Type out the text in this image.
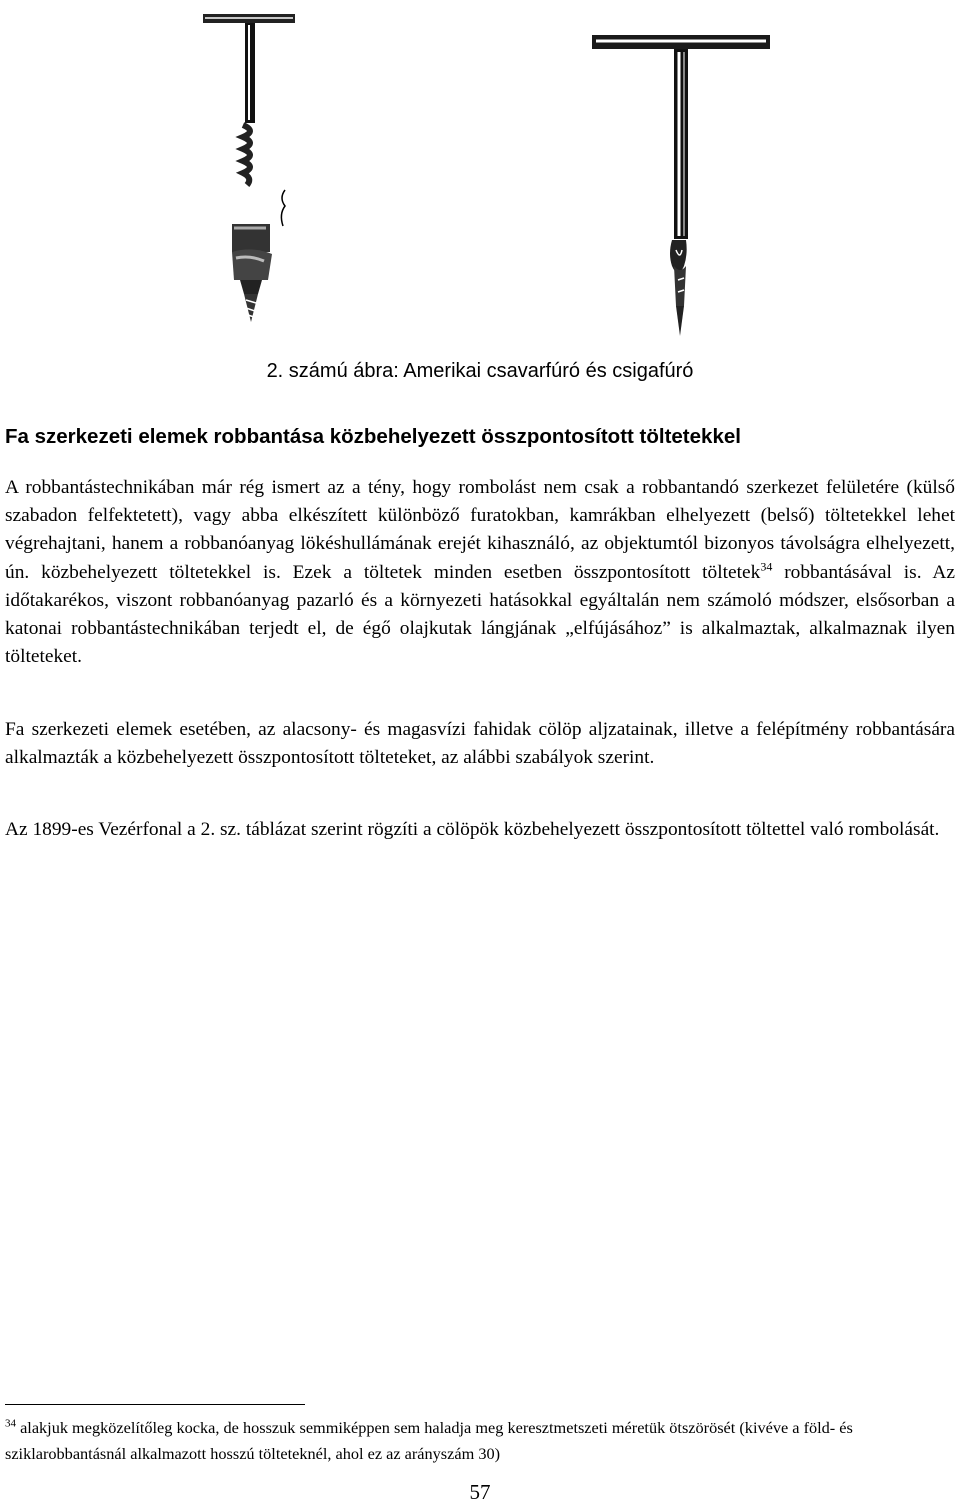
2. számú ábra: Amerikai csavarfúró és csigafúró
Fa szerkezeti elemek robbantása közbehelyezett összpontosított töltetekkel

A robbantástechnikában már rég ismert az a tény, hogy rombolást nem csak a robbantandó szerkezet felületére (külső szabadon felfektetett), vagy abba elkészített különböző furatokban, kamrákban elhelyezett (belső) töltetekkel lehet végrehajtani, hanem a robbanóanyag lökéshullámának erejét kihasználó, az objektumtól bizonyos távolságra elhelyezett, ún. közbehelyezett töltetekkel is. Ezek a töltetek minden esetben összpontosított töltetek$^{34}$ robbantásával is. Az időtakarékos, viszont robbanóanyag pazarló és a környezeti hatásokkal egyáltalán nem számoló módszer, elsősorban a katonai robbantástechnikában terjedt el, de égő olajkutak lángjának „elfújásához” is alkalmaztak, alkalmaznak ilyen tölteteket.

Fa szerkezeti elemek esetében, az alacsony- és magasvízi fahidak cölöp aljzatainak, illetve a felépítmény robbantására alkalmazták a közbehelyezett összpontosított tölteteket, az alábbi szabályok szerint.

Az 1899-es Vezérfonal a 2. sz. táblázat szerint rögzíti a cölöpök közbehelyezett összpontosított töltettel való rombolását.

$^{34}$ alakjuk megközelítőleg kocka, de hosszuk semmiképpen sem haladja meg keresztmetszeti méretük ötszörösét (kivéve a föld- és sziklarobbantásnál alkalmazott hosszú tölteteknél, ahol ez az arányszám 30)

57
